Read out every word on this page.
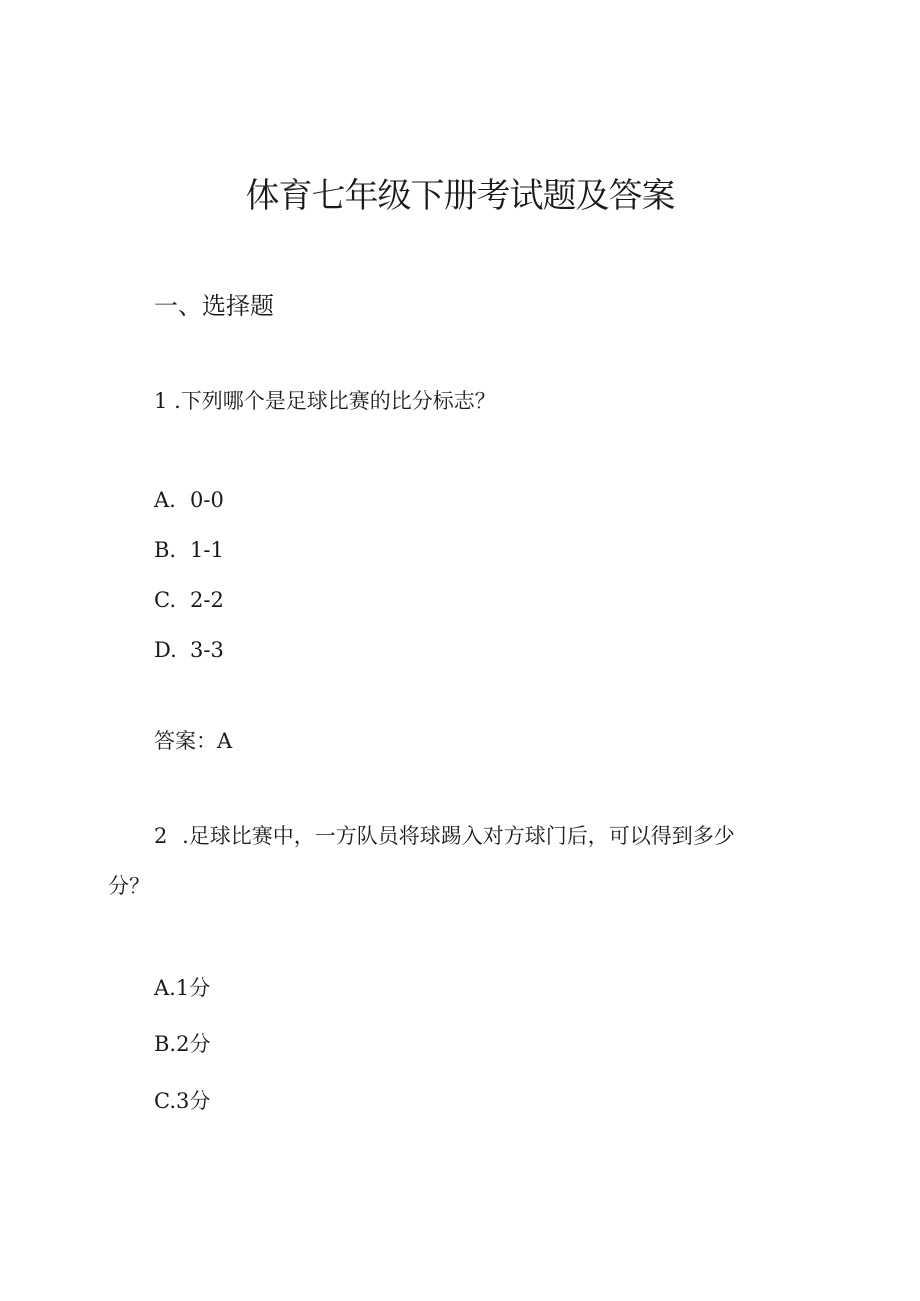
体育七年级下册考试题及答案
一、选择题
1 .下列哪个是足球比赛的比分标志？
A. 0-0
B. 1-1
C. 2-2
D. 3-3
答案：A
2 .足球比赛中，一方队员将球踢入对方球门后，可以得到多少
分？
A.1分
B.2分
C.3分
